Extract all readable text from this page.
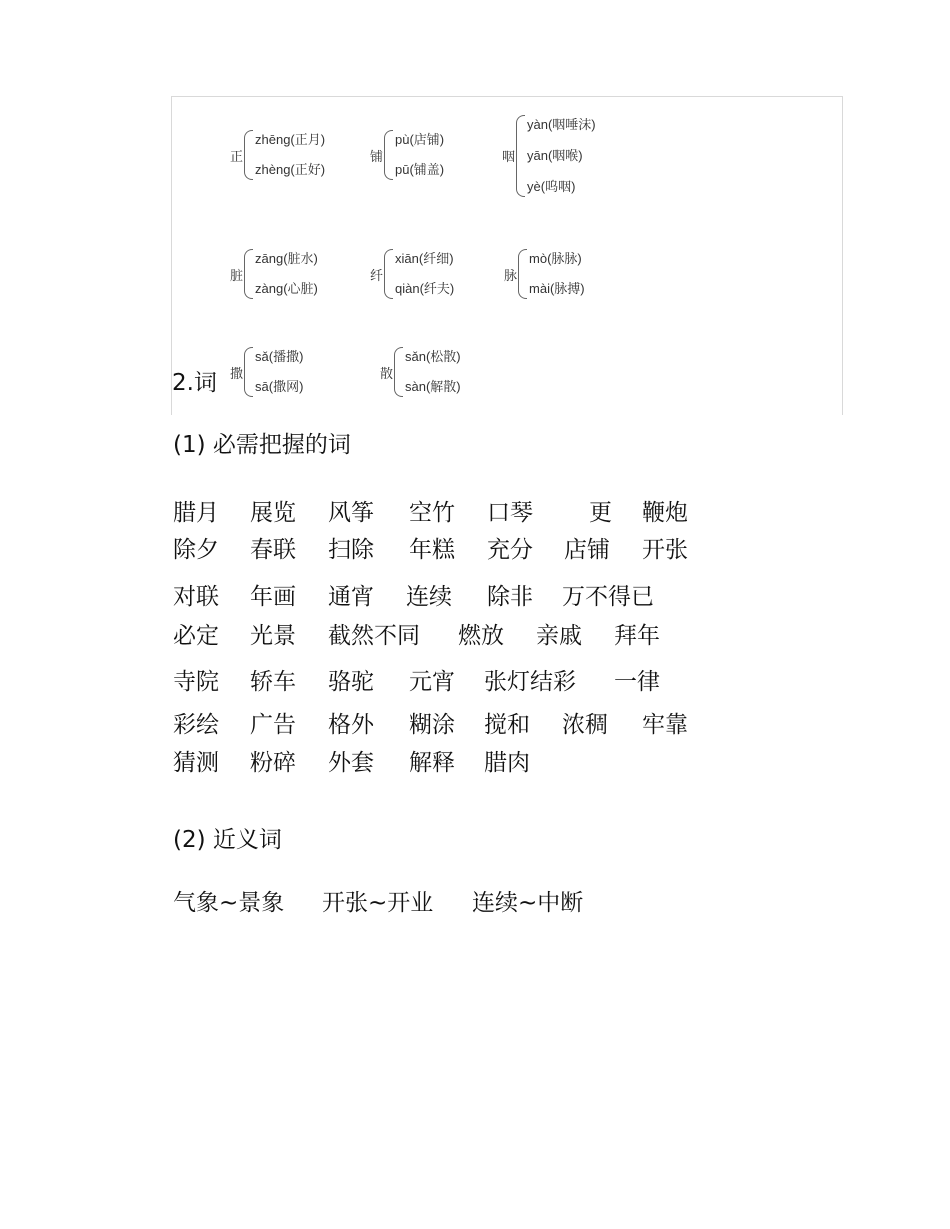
正
zhēng(正月)
zhèng(正好)
铺
pù(店铺)
pū(铺盖)
咽
yàn(咽唾沫)
yān(咽喉)
yè(呜咽)
脏
zāng(脏水)
zàng(心脏)
纤
xiān(纤细)
qiàn(纤夫)
脉
mò(脉脉)
mài(脉搏)
撒
sǎ(播撒)
sā(撒网)
散
sǎn(松散)
sàn(解散)
2.词
(1) 必需把握的词
腊月 展览 风筝 空竹 口琴 更 鞭炮
除夕 春联 扫除 年糕 充分 店铺 开张
对联 年画 通宵 连续 除非 万不得已
必定 光景 截然不同 燃放 亲戚 拜年
寺院 轿车 骆驼 元宵 张灯结彩 一律
彩绘 广告 格外 糊涂 搅和 浓稠 牢靠
猜测 粉碎 外套 解释 腊肉
(2) 近义词
气象~景象 开张~开业 连续~中断
